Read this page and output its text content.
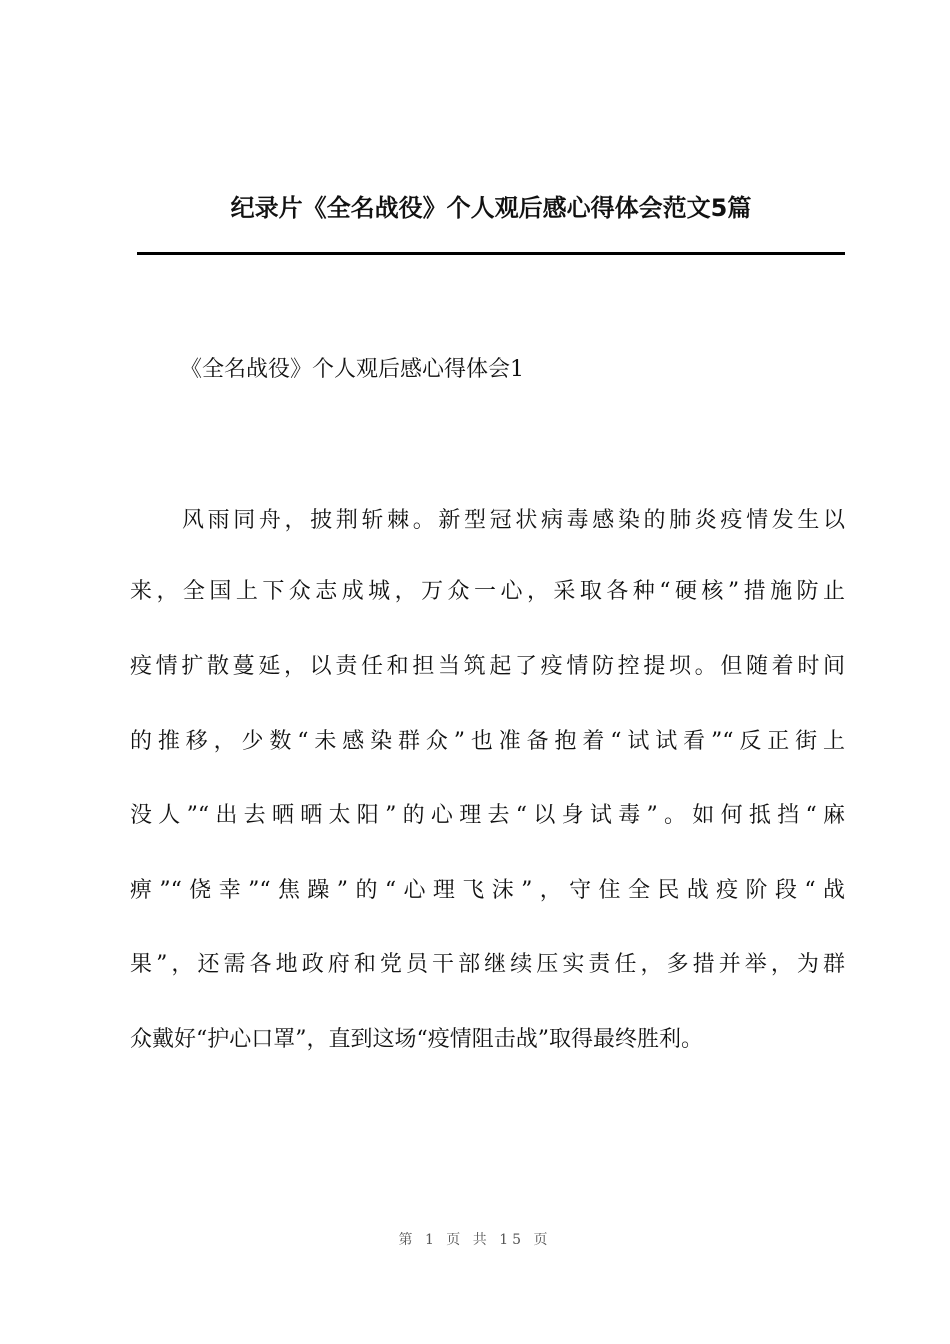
纪录片《全名战役》个人观后感心得体会范文5篇
《全名战役》个人观后感心得体会1
风雨同舟，披荆斩棘。新型冠状病毒感染的肺炎疫情发生以
来，全国上下众志成城，万众一心，采取各种“硬核”措施防止
疫情扩散蔓延，以责任和担当筑起了疫情防控提坝。但随着时间
的推移，少数“未感染群众”也准备抱着“试试看”“反正街上
没人”“出去晒晒太阳”的心理去“以身试毒”。如何抵挡“麻
痹”“侥幸”“焦躁”的“心理飞沫”，守住全民战疫阶段“战
果”，还需各地政府和党员干部继续压实责任，多措并举，为群
众戴好“护心口罩”，直到这场“疫情阻击战”取得最终胜利。
第 1 页 共 15 页
